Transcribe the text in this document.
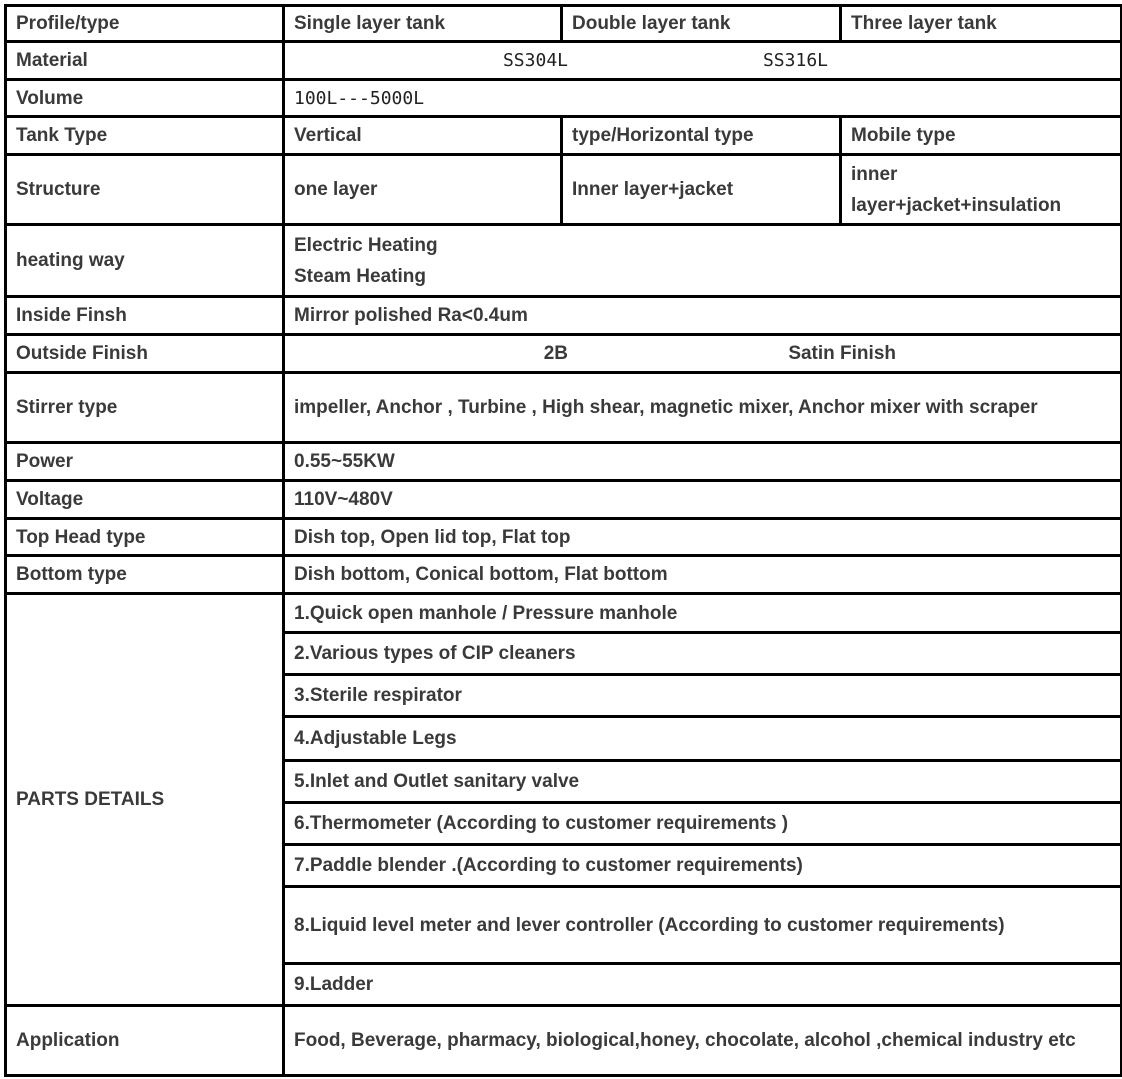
Profile/type	Single layer tank	Double layer tank	Three layer tank
Material	SS304L SS316L		

Volume	100L---5000L		
Tank Type	Vertical	type/Horizontal type	Mobile type
Structure	one layer	Inner layer+jacket	inner
layer+jacket+insulation

heating way	Electric Heating
Steam Heating		

Inside Finsh	Mirror polished Ra<0.4um		
Outside Finish	2B Satin Finish		

Stirrer type	impeller, Anchor , Turbine , High shear, magnetic mixer, Anchor mixer with scraper		
Power	0.55~55KW		
Voltage	110V~480V		
Top Head type	Dish top, Open lid top, Flat top		
Bottom type	Dish bottom, Conical bottom, Flat bottom		
PARTS DETAILS	1.Quick open manhole / Pressure manhole		
	2.Various types of CIP cleaners		
	3.Sterile respirator		
	4.Adjustable Legs		
	5.Inlet and Outlet sanitary valve		
	6.Thermometer (According to customer requirements )		
	7.Paddle blender .(According to customer requirements)		
	8.Liquid level meter and lever controller (According to customer requirements)		
	9.Ladder		
Application	Food, Beverage, pharmacy, biological,honey, chocolate, alcohol ,chemical industry etc		
